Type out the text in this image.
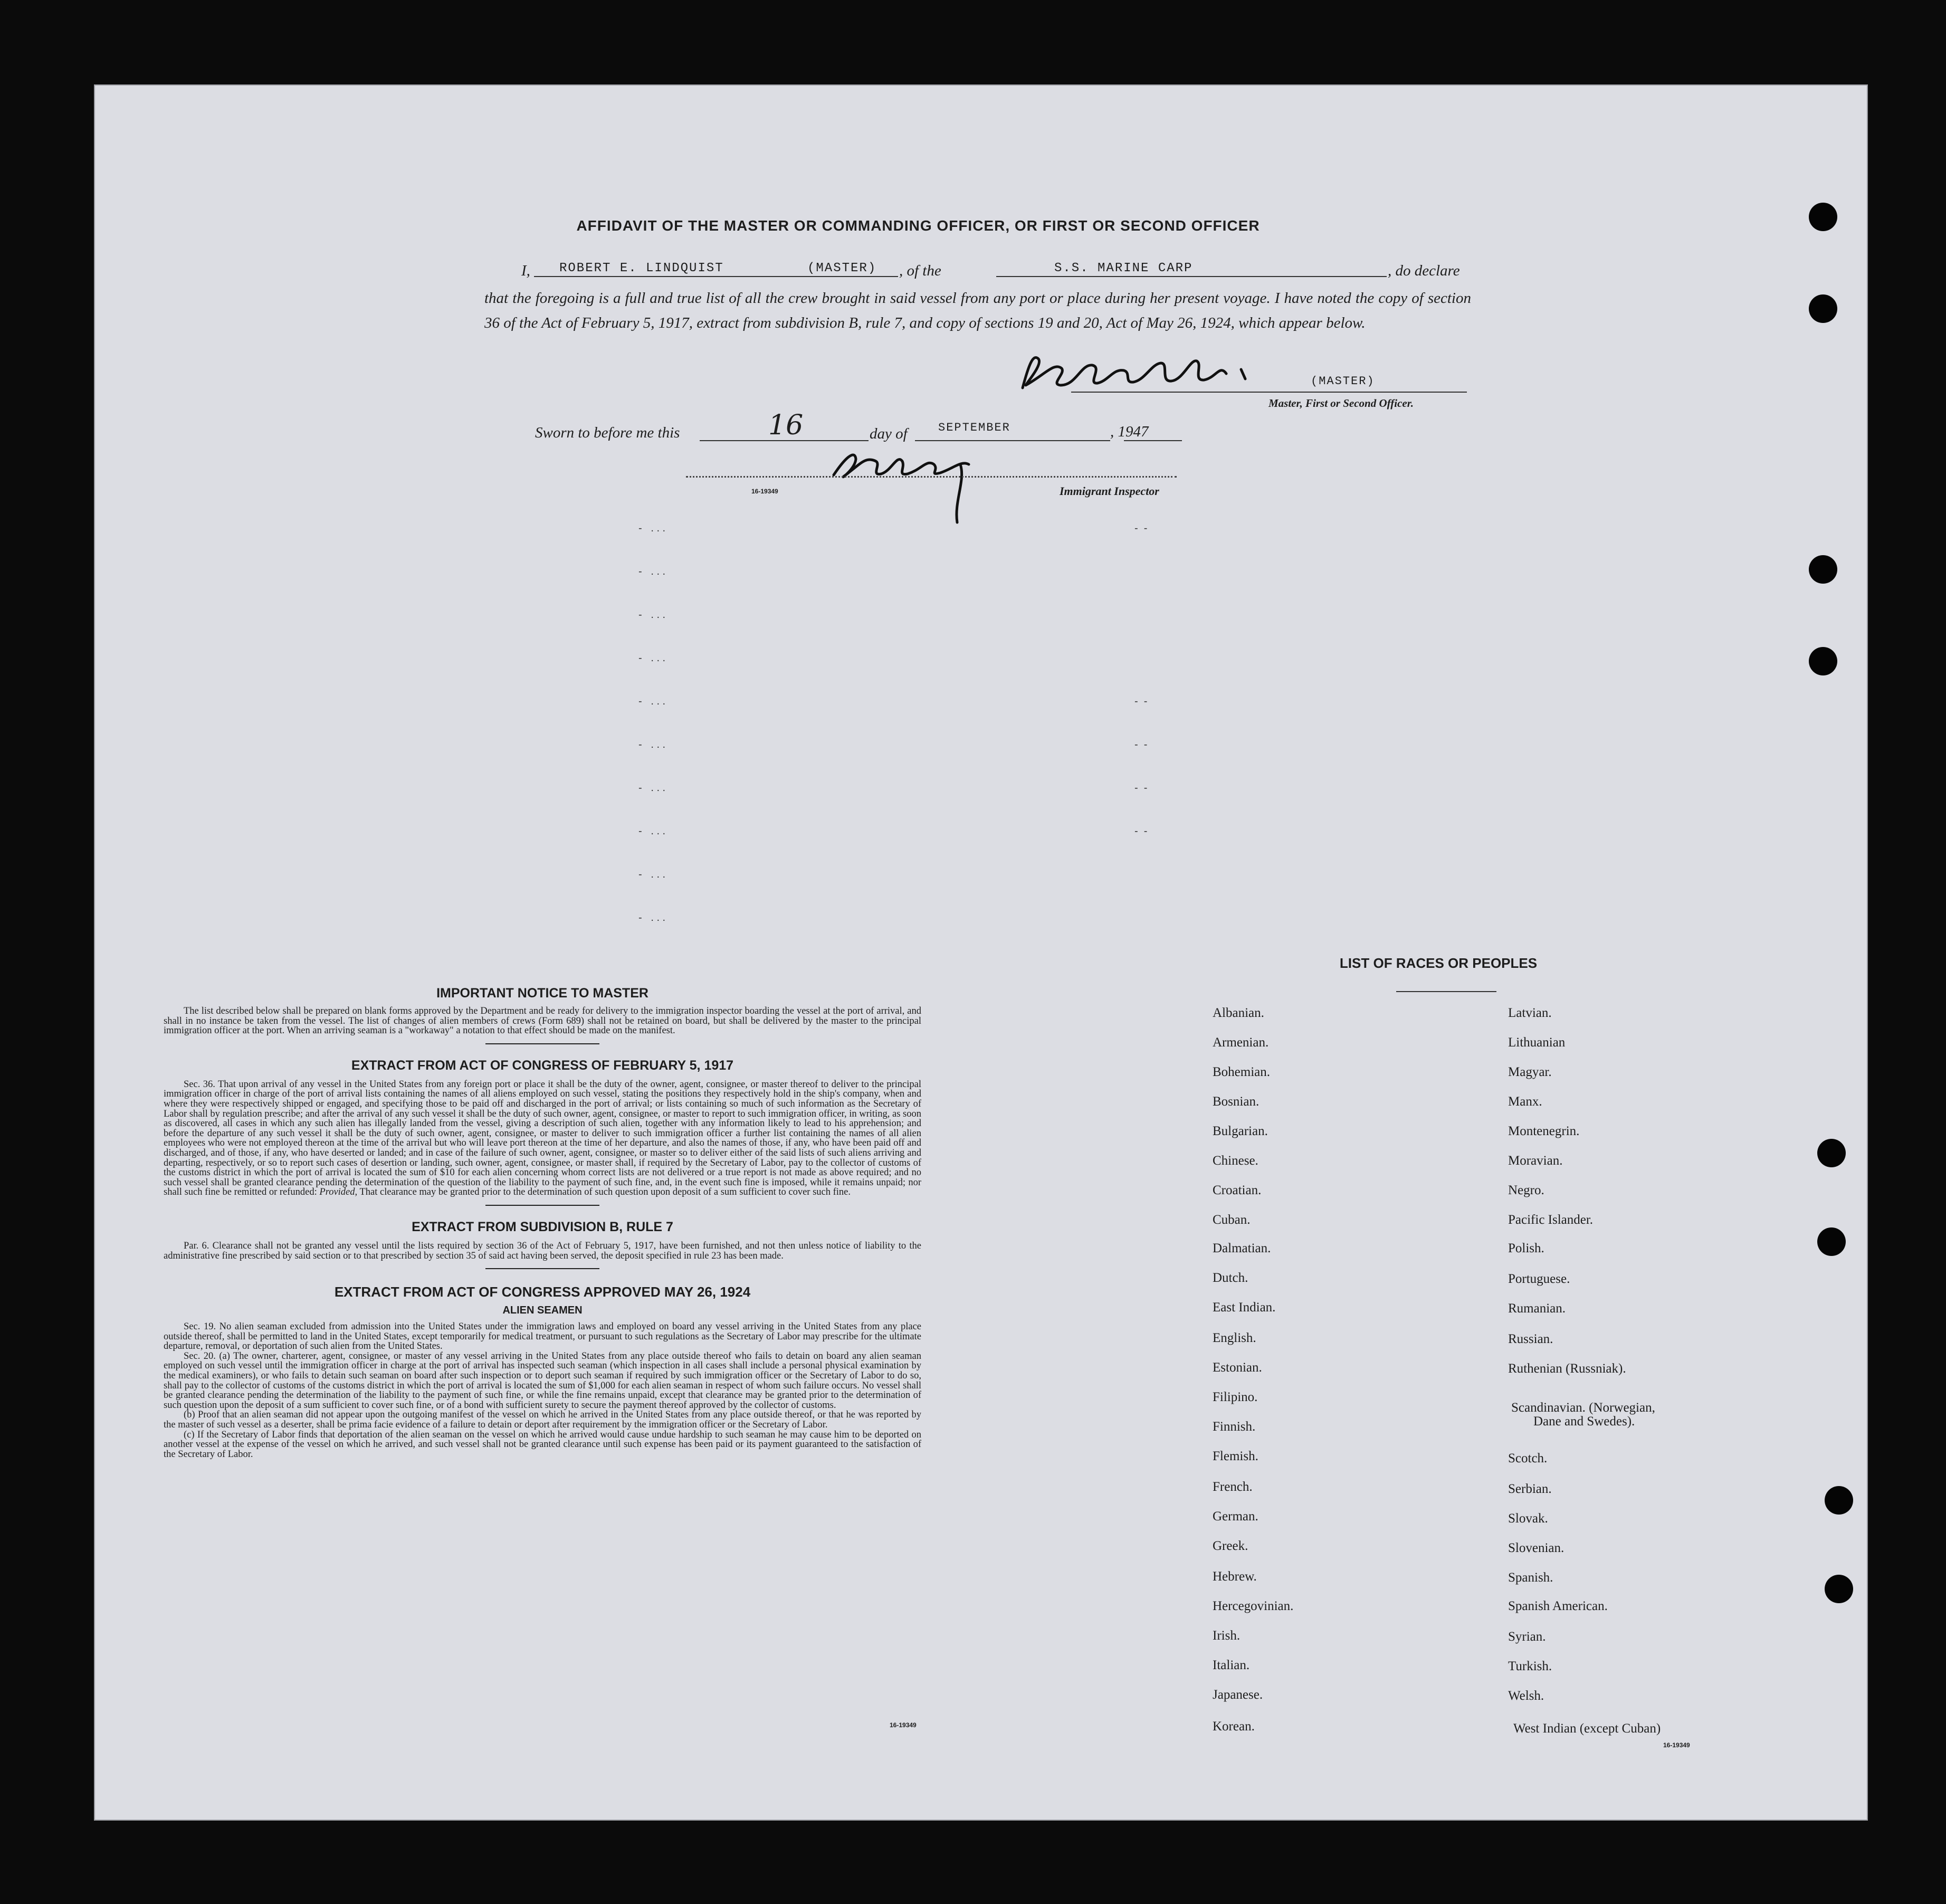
AFFIDAVIT OF THE MASTER OR COMMANDING OFFICER, OR FIRST OR SECOND OFFICER
I, ROBERT E. LINDQUIST	(MASTER) , of the	S.S. MARINE CARP	, do declare
that the foregoing is a full and true list of all the crew brought in said vessel from any port or place during her present voyage. I have noted the copy of section 36 of the Act of February 5, 1917, extract from subdivision B, rule 7, and copy of sections 19 and 20, Act of May 26, 1924, which appear below.
(MASTER)
Master, First or Second Officer.
Sworn to before me this	16	day of	SEPTEMBER	, 1947
16-19349	Immigrant Inspector
-   . . .
-   . . .
-   . . .
-   . . .
-   . . .
-   . . .
-   . . .
-   . . .
-   . . .
-   . . .
-  -

-  -
-  -
-  -
-  -
IMPORTANT NOTICE TO MASTER

The list described below shall be prepared on blank forms approved by the Department and be ready for delivery to the immigration inspector boarding the vessel at the port of arrival, and shall in no instance be taken from the vessel. The list of changes of alien members of crews (Form 689) shall not be retained on board, but shall be delivered by the master to the principal immigration officer at the port. When an arriving seaman is a "workaway" a notation to that effect should be made on the manifest.

EXTRACT FROM ACT OF CONGRESS OF FEBRUARY 5, 1917

Sec. 36. That upon arrival of any vessel in the United States from any foreign port or place it shall be the duty of the owner, agent, consignee, or master thereof to deliver to the principal immigration officer in charge of the port of arrival lists containing the names of all aliens employed on such vessel, stating the positions they respectively hold in the ship's company, when and where they were respectively shipped or engaged, and specifying those to be paid off and discharged in the port of arrival; or lists containing so much of such information as the Secretary of Labor shall by regulation prescribe; and after the arrival of any such vessel it shall be the duty of such owner, agent, consignee, or master to report to such immigration officer, in writing, as soon as discovered, all cases in which any such alien has illegally landed from the vessel, giving a description of such alien, together with any information likely to lead to his apprehension; and before the departure of any such vessel it shall be the duty of such owner, agent, consignee, or master to deliver to such immigration officer a further list containing the names of all alien employees who were not employed thereon at the time of the arrival but who will leave port thereon at the time of her departure, and also the names of those, if any, who have been paid off and discharged, and of those, if any, who have deserted or landed; and in case of the failure of such owner, agent, consignee, or master so to deliver either of the said lists of such aliens arriving and departing, respectively, or so to report such cases of desertion or landing, such owner, agent, consignee, or master shall, if required by the Secretary of Labor, pay to the collector of customs of the customs district in which the port of arrival is located the sum of $10 for each alien concerning whom correct lists are not delivered or a true report is not made as above required; and no such vessel shall be granted clearance pending the determination of the question of the liability to the payment of such fine, and, in the event such fine is imposed, while it remains unpaid; nor shall such fine be remitted or refunded: Provided, That clearance may be granted prior to the determination of such question upon deposit of a sum sufficient to cover such fine.

EXTRACT FROM SUBDIVISION B, RULE 7

Par. 6. Clearance shall not be granted any vessel until the lists required by section 36 of the Act of February 5, 1917, have been furnished, and not then unless notice of liability to the administrative fine prescribed by said section or to that prescribed by section 35 of said act having been served, the deposit specified in rule 23 has been made.

EXTRACT FROM ACT OF CONGRESS APPROVED MAY 26, 1924
ALIEN SEAMEN

Sec. 19. No alien seaman excluded from admission into the United States under the immigration laws and employed on board any vessel arriving in the United States from any place outside thereof, shall be permitted to land in the United States, except temporarily for medical treatment, or pursuant to such regulations as the Secretary of Labor may prescribe for the ultimate departure, removal, or deportation of such alien from the United States.

Sec. 20. (a) The owner, charterer, agent, consignee, or master of any vessel arriving in the United States from any place outside thereof who fails to detain on board any alien seaman employed on such vessel until the immigration officer in charge at the port of arrival has inspected such seaman (which inspection in all cases shall include a personal physical examination by the medical examiners), or who fails to detain such seaman on board after such inspection or to deport such seaman if required by such immigration officer or the Secretary of Labor to do so, shall pay to the collector of customs of the customs district in which the port of arrival is located the sum of $1,000 for each alien seaman in respect of whom such failure occurs. No vessel shall be granted clearance pending the determination of the liability to the payment of such fine, or while the fine remains unpaid, except that clearance may be granted prior to the determination of such question upon the deposit of a sum sufficient to cover such fine, or of a bond with sufficient surety to secure the payment thereof approved by the collector of customs.

(b) Proof that an alien seaman did not appear upon the outgoing manifest of the vessel on which he arrived in the United States from any place outside thereof, or that he was reported by the master of such vessel as a deserter, shall be prima facie evidence of a failure to detain or deport after requirement by the immigration officer or the Secretary of Labor.

(c) If the Secretary of Labor finds that deportation of the alien seaman on the vessel on which he arrived would cause undue hardship to such seaman he may cause him to be deported on another vessel at the expense of the vessel on which he arrived, and such vessel shall not be granted clearance until such expense has been paid or its payment guaranteed to the satisfaction of the Secretary of Labor.

16-19349
LIST OF RACES OR PEOPLES
Albanian.
Armenian.
Bohemian.
Bosnian.
Bulgarian.
Chinese.
Croatian.
Cuban.
Dalmatian.
Dutch.
East Indian.
English.
Estonian.
Filipino.
Finnish.
Flemish.
French.
German.
Greek.
Hebrew.
Hercegovinian.
Irish.
Italian.
Japanese.
Korean.
Latvian.
Lithuanian
Magyar.
Manx.
Montenegrin.
Moravian.
Negro.
Pacific Islander.
Polish.
Portuguese.
Rumanian.
Russian.
Ruthenian (Russniak).
Scandinavian. (Norwegian,
Dane and Swedes).
Scotch.
Serbian.
Slovak.
Slovenian.
Spanish.
Spanish American.
Syrian.
Turkish.
Welsh.
West Indian (except Cuban)
16-19349
